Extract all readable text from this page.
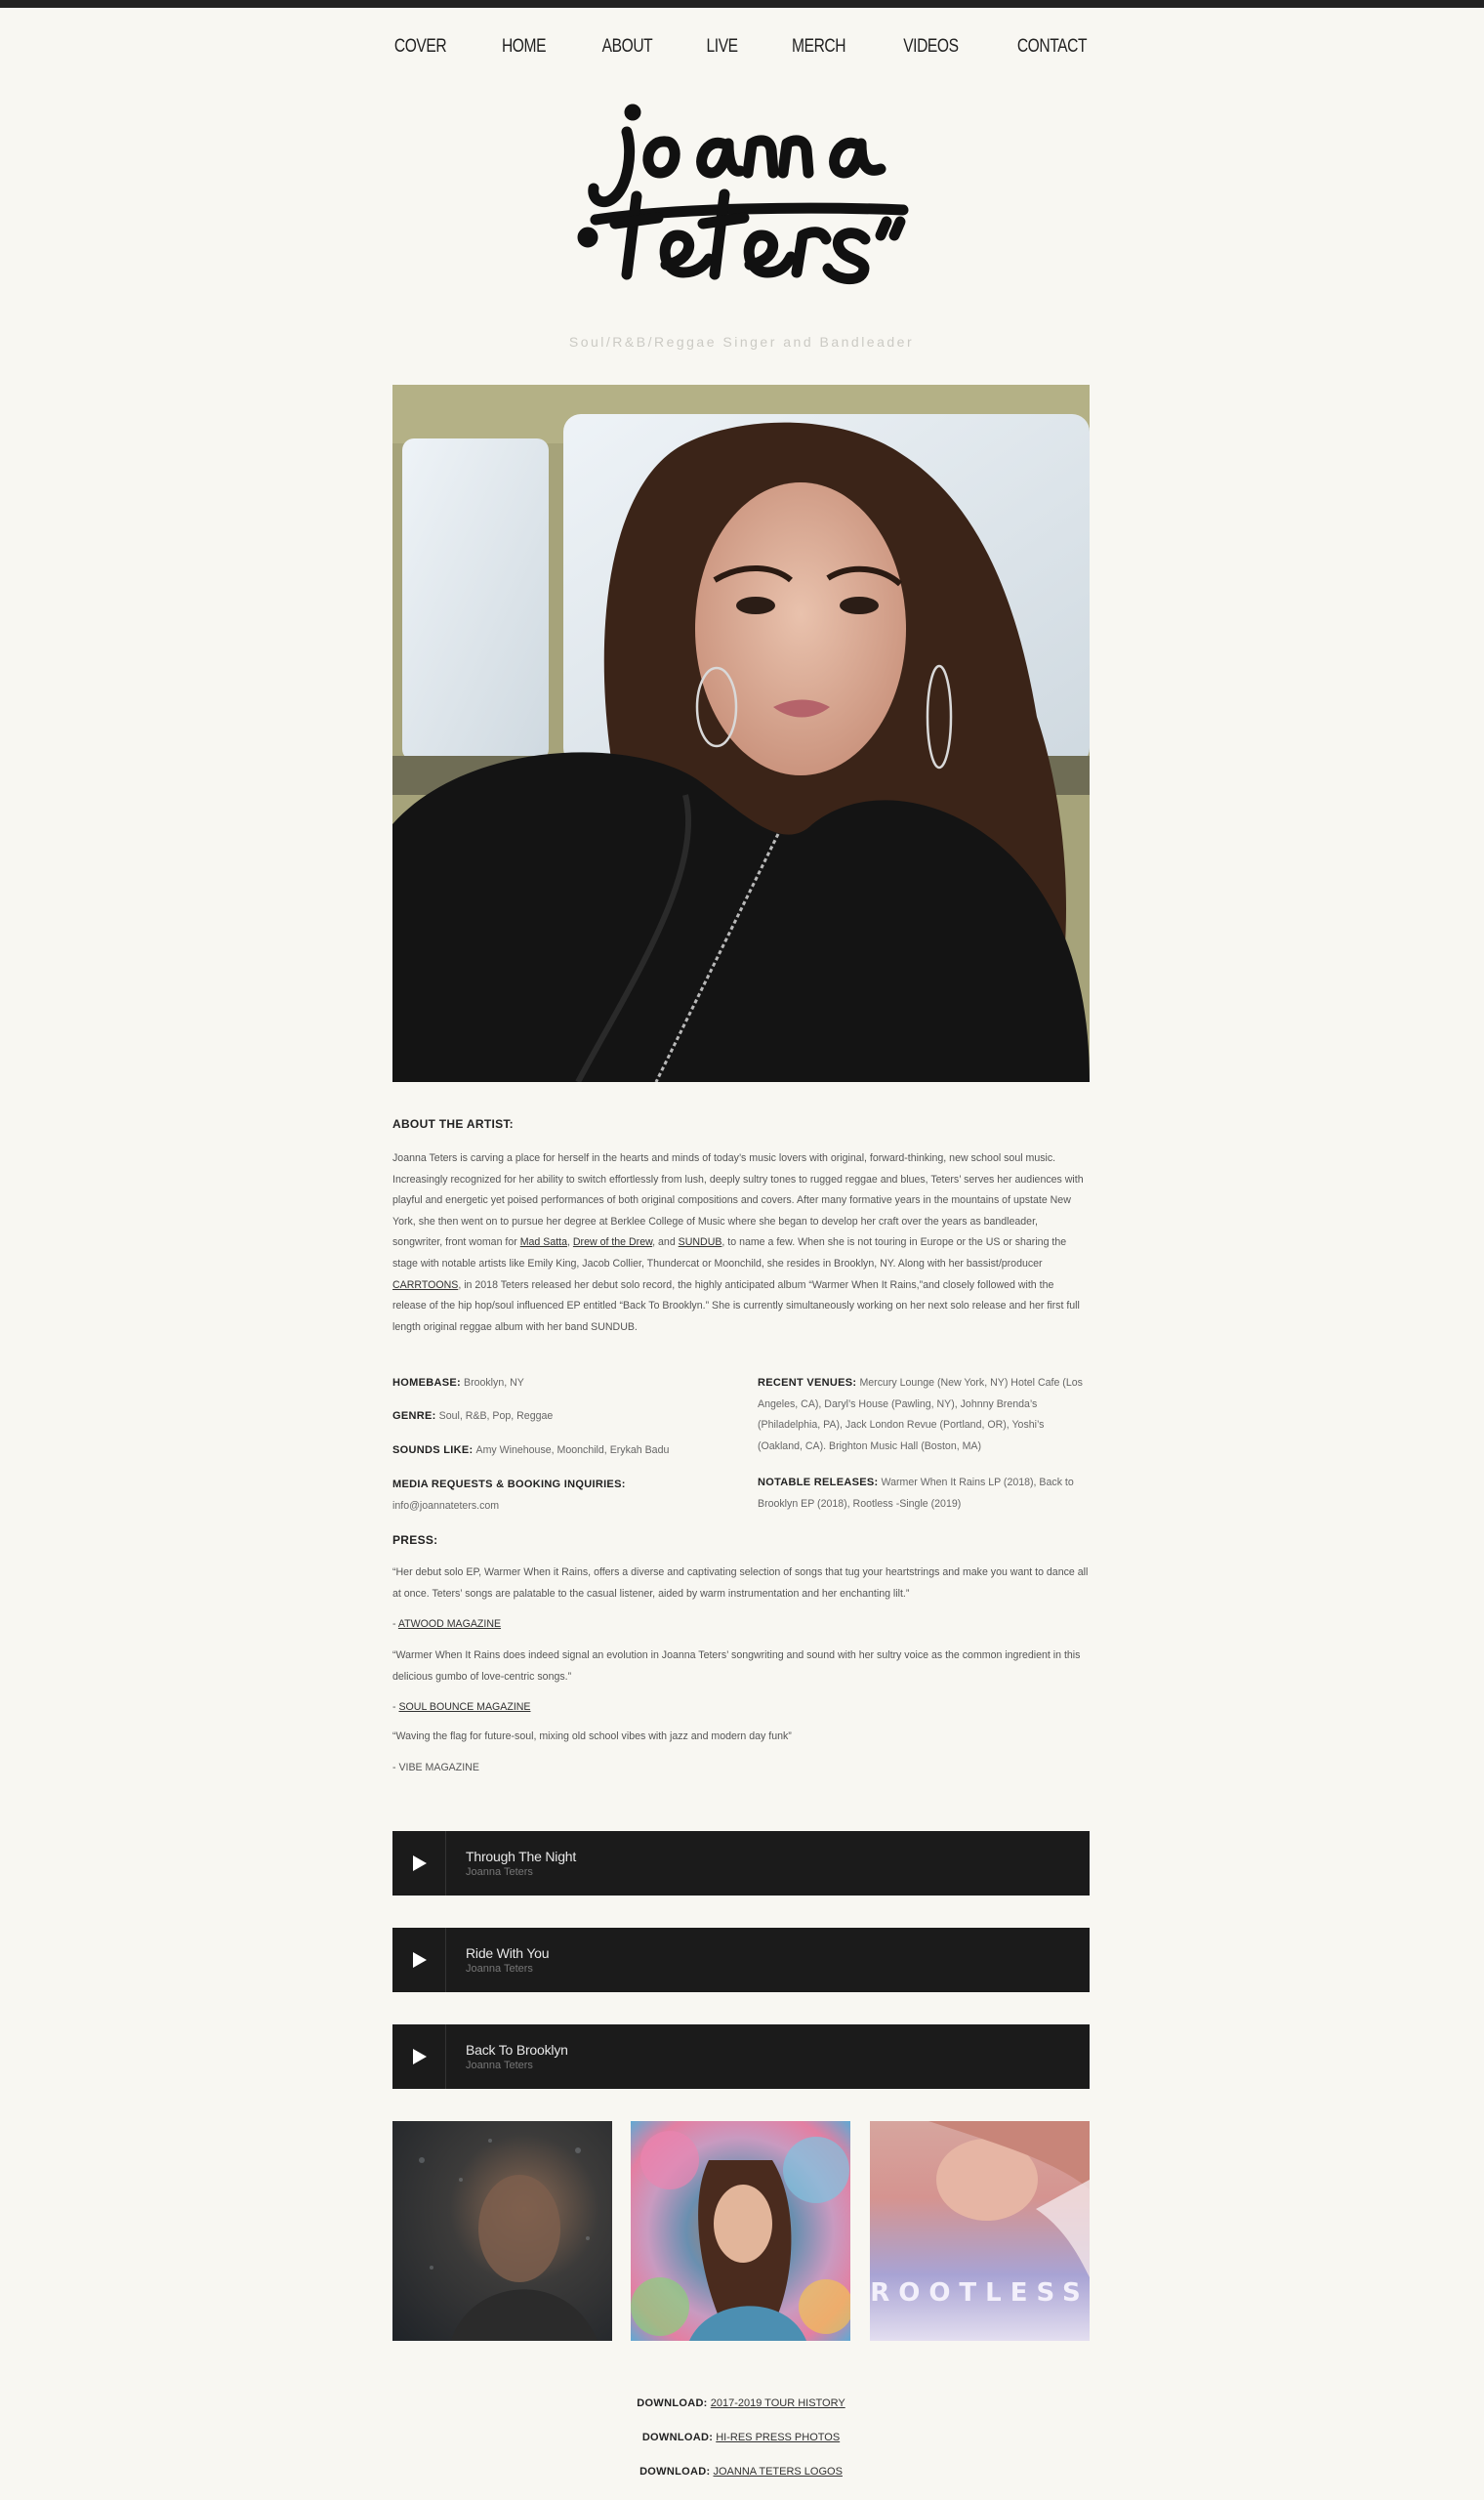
COVER	HOME	ABOUT	LIVE	MERCH	VIDEOS	CONTACT
Soul/R&B/Reggae Singer and Bandleader
ABOUT THE ARTIST:

Joanna Teters is carving a place for herself in the hearts and minds of today’s music lovers with original, forward-thinking, new school soul music. Increasingly recognized for her ability to switch effortlessly from lush, deeply sultry tones to rugged reggae and blues, Teters’ serves her audiences with playful and energetic yet poised performances of both original compositions and covers. After many formative years in the mountains of upstate New York, she then went on to pursue her degree at Berklee College of Music where she began to develop her craft over the years as bandleader, songwriter, front woman for Mad Satta, Drew of the Drew, and SUNDUB, to name a few. When she is not touring in Europe or the US or sharing the stage with notable artists like Emily King, Jacob Collier, Thundercat or Moonchild, she resides in Brooklyn, NY. Along with her bassist/producer CARRTOONS, in 2018 Teters released her debut solo record, the highly anticipated album “Warmer When It Rains,”and closely followed with the release of the hip hop/soul influenced EP entitled “Back To Brooklyn.” She is currently simultaneously working on her next solo release and her first full length original reggae album with her band SUNDUB.

HOMEBASE: Brooklyn, NY
GENRE: Soul, R&B, Pop, Reggae
SOUNDS LIKE: Amy Winehouse, Moonchild, Erykah Badu
MEDIA REQUESTS & BOOKING INQUIRIES:
info@joannateters.com
RECENT VENUES: Mercury Lounge (New York, NY) Hotel Cafe (Los Angeles, CA), Daryl’s House (Pawling, NY), Johnny Brenda’s (Philadelphia, PA), Jack London Revue (Portland, OR), Yoshi’s (Oakland, CA). Brighton Music Hall (Boston, MA)
NOTABLE RELEASES: Warmer When It Rains LP (2018), Back to Brooklyn EP (2018), Rootless -Single (2019)
PRESS:

“Her debut solo EP, Warmer When it Rains, offers a diverse and captivating selection of songs that tug your heartstrings and make you want to dance all at once. Teters’ songs are palatable to the casual listener, aided by warm instrumentation and her enchanting lilt.”

- ATWOOD MAGAZINE

“Warmer When It Rains does indeed signal an evolution in Joanna Teters’ songwriting and sound with her sultry voice as the common ingredient in this delicious gumbo of love-centric songs.”

- SOUL BOUNCE MAGAZINE

“Waving the flag for future-soul, mixing old school vibes with jazz and modern day funk”

- VIBE MAGAZINE

Through The Night
Joanna Teters
Ride With You
Joanna Teters
Back To Brooklyn
Joanna Teters
ROOTLESS
DOWNLOAD: 2017-2019 TOUR HISTORY
DOWNLOAD: HI-RES PRESS PHOTOS
DOWNLOAD: JOANNA TETERS LOGOS
